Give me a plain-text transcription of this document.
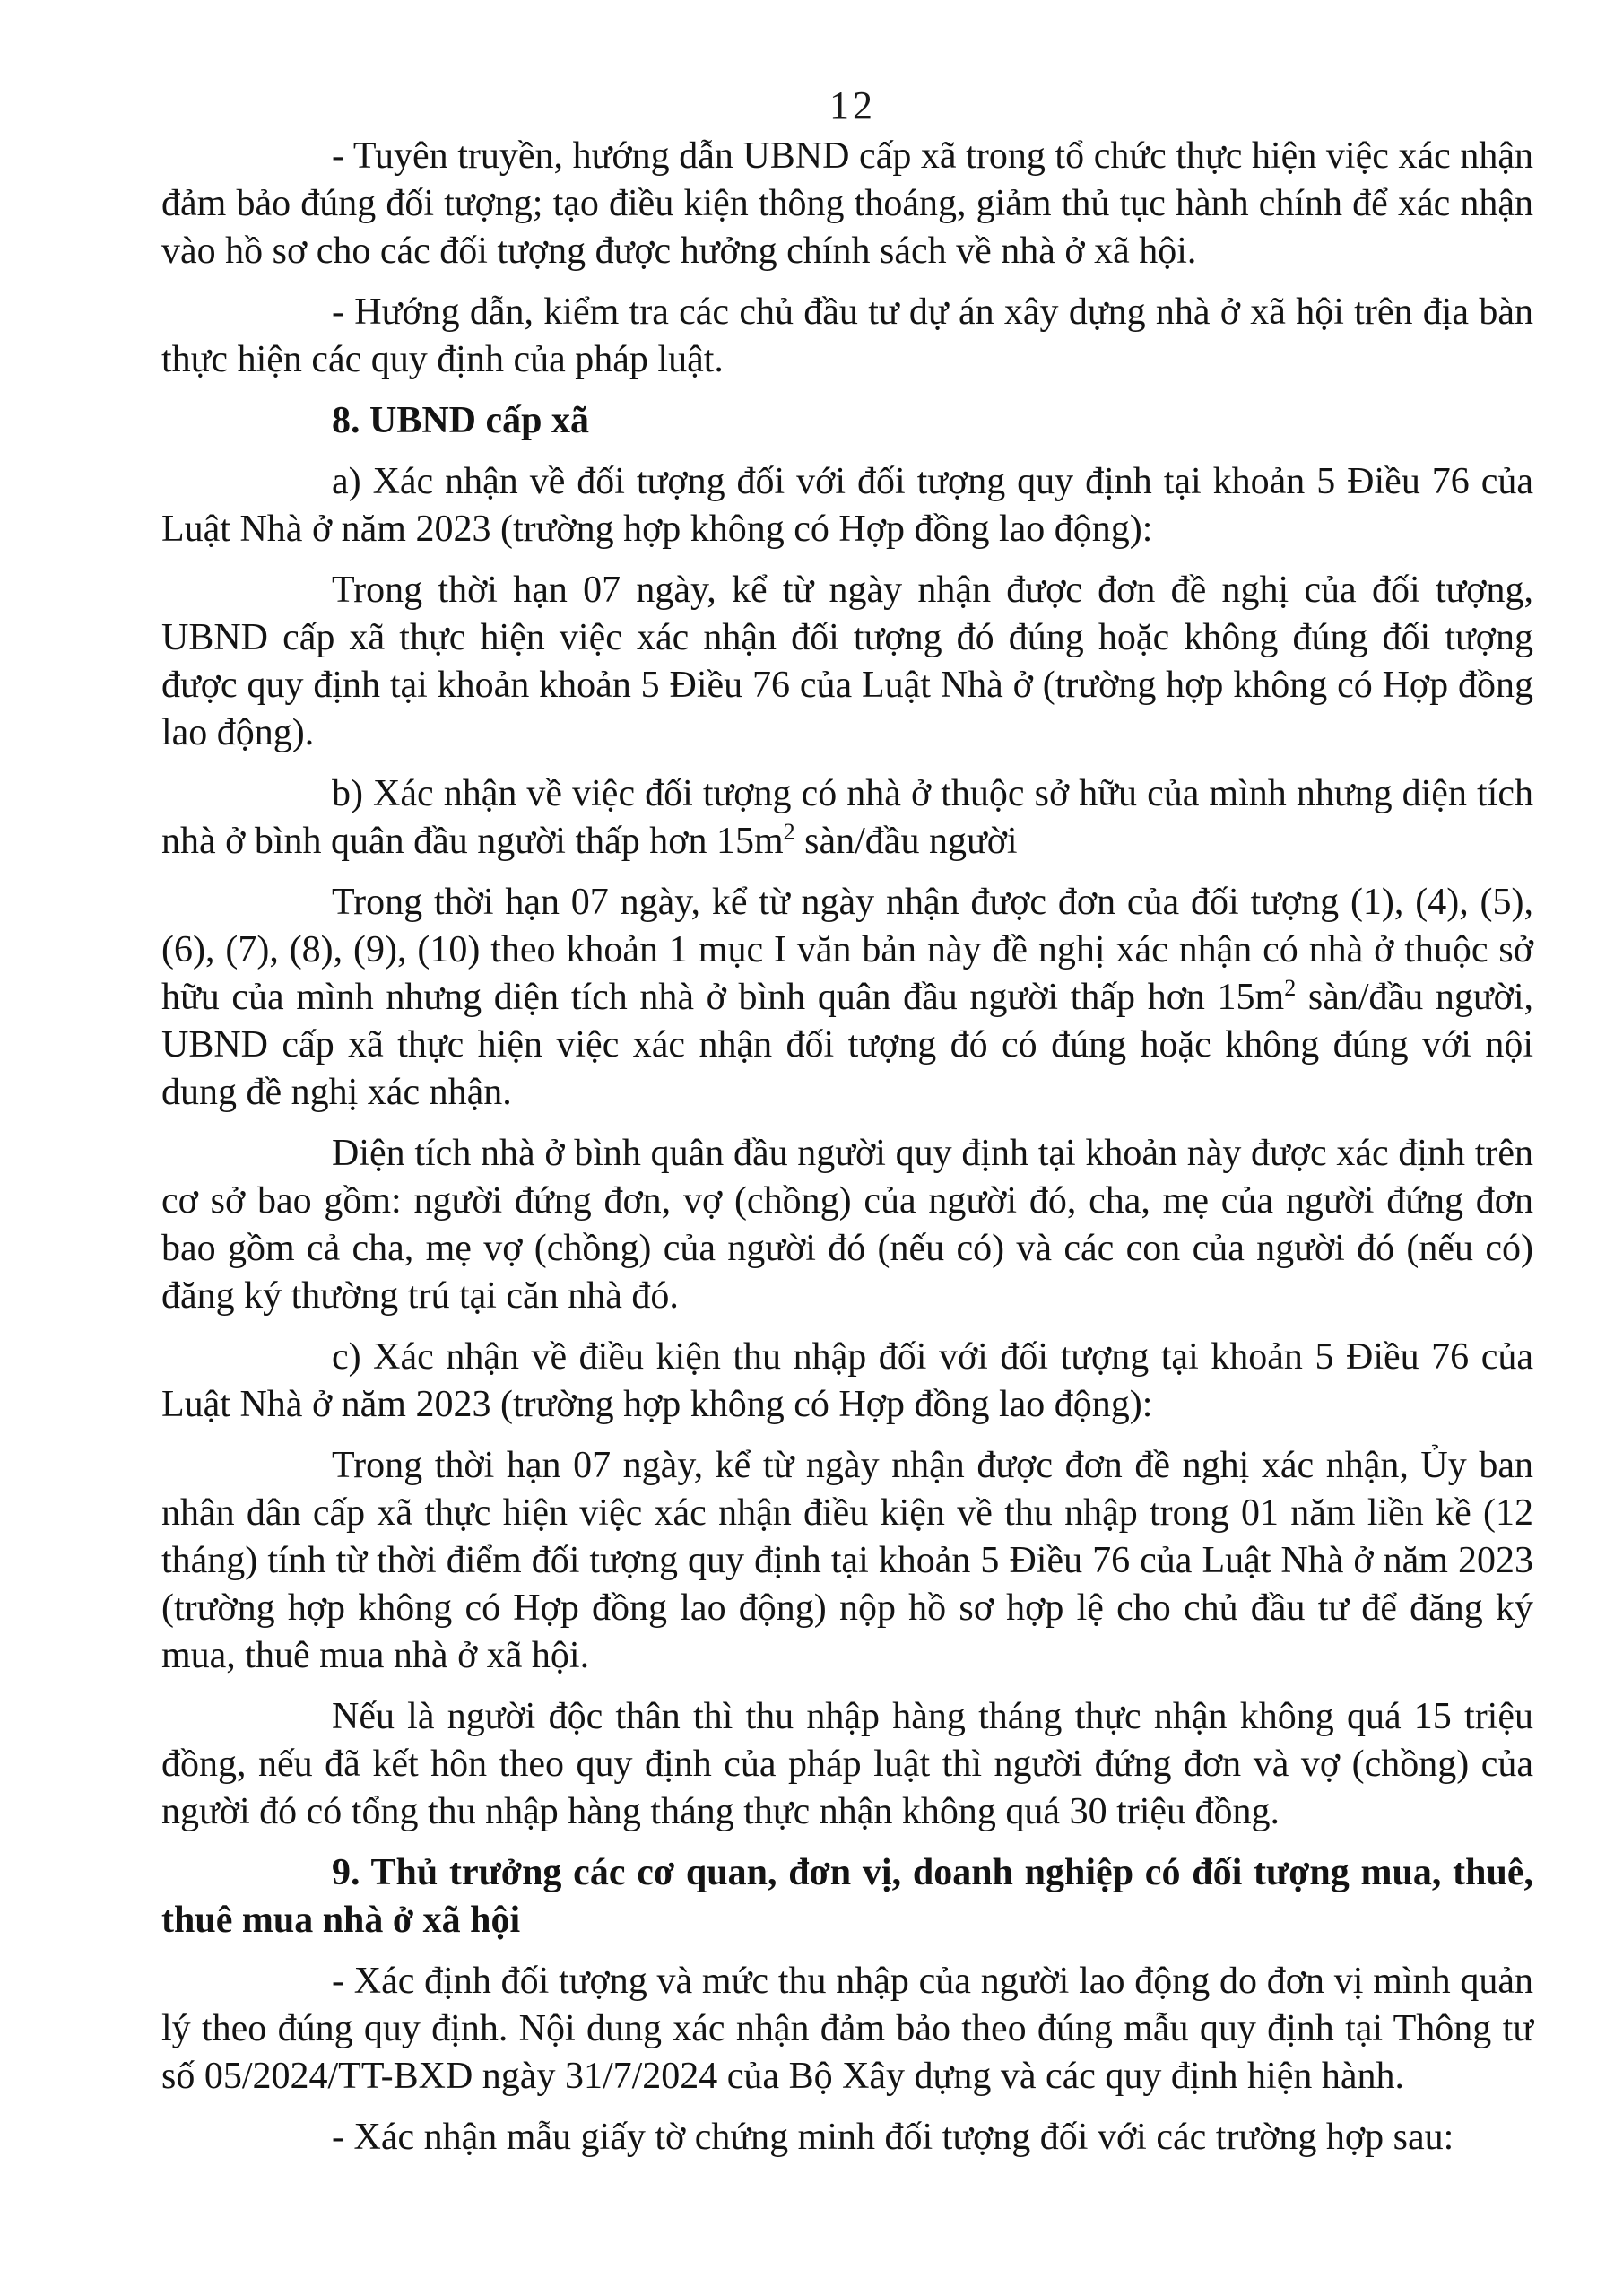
12

- Tuyên truyền, hướng dẫn UBND cấp xã trong tổ chức thực hiện việc xác nhận đảm bảo đúng đối tượng; tạo điều kiện thông thoáng, giảm thủ tục hành chính để xác nhận vào hồ sơ cho các đối tượng được hưởng chính sách về nhà ở xã hội.

- Hướng dẫn, kiểm tra các chủ đầu tư dự án xây dựng nhà ở xã hội trên địa bàn thực hiện các quy định của pháp luật.

8. UBND cấp xã

a) Xác nhận về đối tượng đối với đối tượng quy định tại khoản 5 Điều 76 của Luật Nhà ở năm 2023 (trường hợp không có Hợp đồng lao động):

Trong thời hạn 07 ngày, kể từ ngày nhận được đơn đề nghị của đối tượng, UBND cấp xã thực hiện việc xác nhận đối tượng đó đúng hoặc không đúng đối tượng được quy định tại khoản khoản 5 Điều 76 của Luật Nhà ở (trường hợp không có Hợp đồng lao động).

b) Xác nhận về việc đối tượng có nhà ở thuộc sở hữu của mình nhưng diện tích nhà ở bình quân đầu người thấp hơn $15m^2$ sàn/đầu người

Trong thời hạn 07 ngày, kể từ ngày nhận được đơn của đối tượng (1), (4), (5), (6), (7), (8), (9), (10) theo khoản 1 mục I văn bản này đề nghị xác nhận có nhà ở thuộc sở hữu của mình nhưng diện tích nhà ở bình quân đầu người thấp hơn $15m^2$ sàn/đầu người, UBND cấp xã thực hiện việc xác nhận đối tượng đó có đúng hoặc không đúng với nội dung đề nghị xác nhận.

Diện tích nhà ở bình quân đầu người quy định tại khoản này được xác định trên cơ sở bao gồm: người đứng đơn, vợ (chồng) của người đó, cha, mẹ của người đứng đơn bao gồm cả cha, mẹ vợ (chồng) của người đó (nếu có) và các con của người đó (nếu có) đăng ký thường trú tại căn nhà đó.

c) Xác nhận về điều kiện thu nhập đối với đối tượng tại khoản 5 Điều 76 của Luật Nhà ở năm 2023 (trường hợp không có Hợp đồng lao động):

Trong thời hạn 07 ngày, kể từ ngày nhận được đơn đề nghị xác nhận, Ủy ban nhân dân cấp xã thực hiện việc xác nhận điều kiện về thu nhập trong 01 năm liền kề (12 tháng) tính từ thời điểm đối tượng quy định tại khoản 5 Điều 76 của Luật Nhà ở năm 2023 (trường hợp không có Hợp đồng lao động) nộp hồ sơ hợp lệ cho chủ đầu tư để đăng ký mua, thuê mua nhà ở xã hội.

Nếu là người độc thân thì thu nhập hàng tháng thực nhận không quá 15 triệu đồng, nếu đã kết hôn theo quy định của pháp luật thì người đứng đơn và vợ (chồng) của người đó có tổng thu nhập hàng tháng thực nhận không quá 30 triệu đồng.

9. Thủ trưởng các cơ quan, đơn vị, doanh nghiệp có đối tượng mua, thuê, thuê mua nhà ở xã hội

- Xác định đối tượng và mức thu nhập của người lao động do đơn vị mình quản lý theo đúng quy định. Nội dung xác nhận đảm bảo theo đúng mẫu quy định tại Thông tư số 05/2024/TT-BXD ngày 31/7/2024 của Bộ Xây dựng và các quy định hiện hành.

- Xác nhận mẫu giấy tờ chứng minh đối tượng đối với các trường hợp sau:
